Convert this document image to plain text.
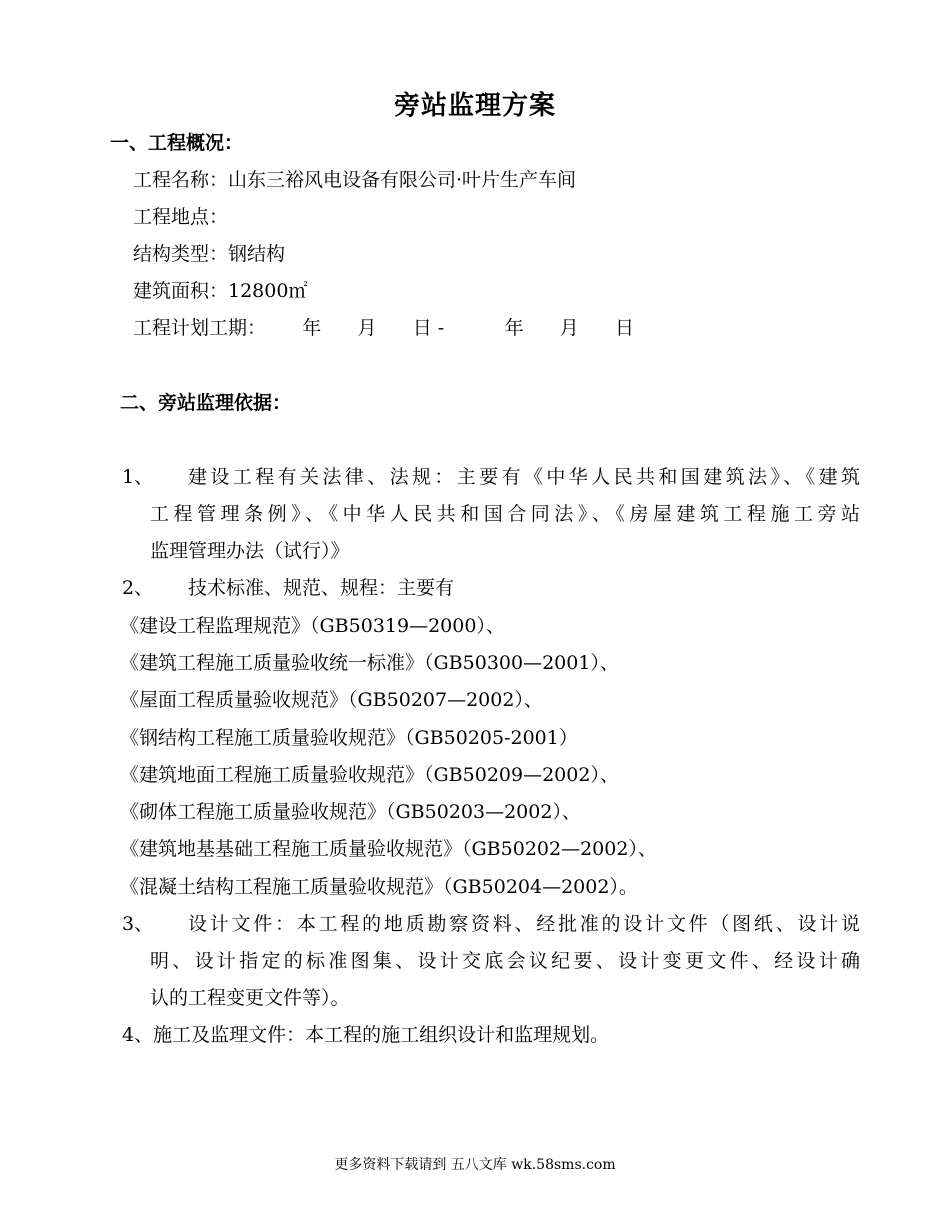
旁站监理方案
一、工程概况：
工程名称：山东三裕风电设备有限公司·叶片生产车间
工程地点：
结构类型：钢结构
建筑面积：12800㎡
工程计划工期：      年      月      日 -          年      月      日
二、旁站监理依据：
1、 建设工程有关法律、法规：主要有《中华人民共和国建筑法》、《建筑
工程管理条例》、《中华人民共和国合同法》、《房屋建筑工程施工旁站
监理管理办法（试行）》
2、 技术标准、规范、规程：主要有
《建设工程监理规范》（GB50319—2000）、
《建筑工程施工质量验收统一标准》（GB50300—2001）、
《屋面工程质量验收规范》（GB50207—2002）、
《钢结构工程施工质量验收规范》（GB50205-2001）
《建筑地面工程施工质量验收规范》（GB50209—2002）、
《砌体工程施工质量验收规范》（GB50203—2002）、
《建筑地基基础工程施工质量验收规范》（GB50202—2002）、
《混凝土结构工程施工质量验收规范》（GB50204—2002）。
3、 设计文件：本工程的地质勘察资料、经批准的设计文件（图纸、设计说
明、设计指定的标准图集、设计交底会议纪要、设计变更文件、经设计确
认的工程变更文件等）。
4、施工及监理文件：本工程的施工组织设计和监理规划。
更多资料下载请到 五八文库 wk.58sms.com
